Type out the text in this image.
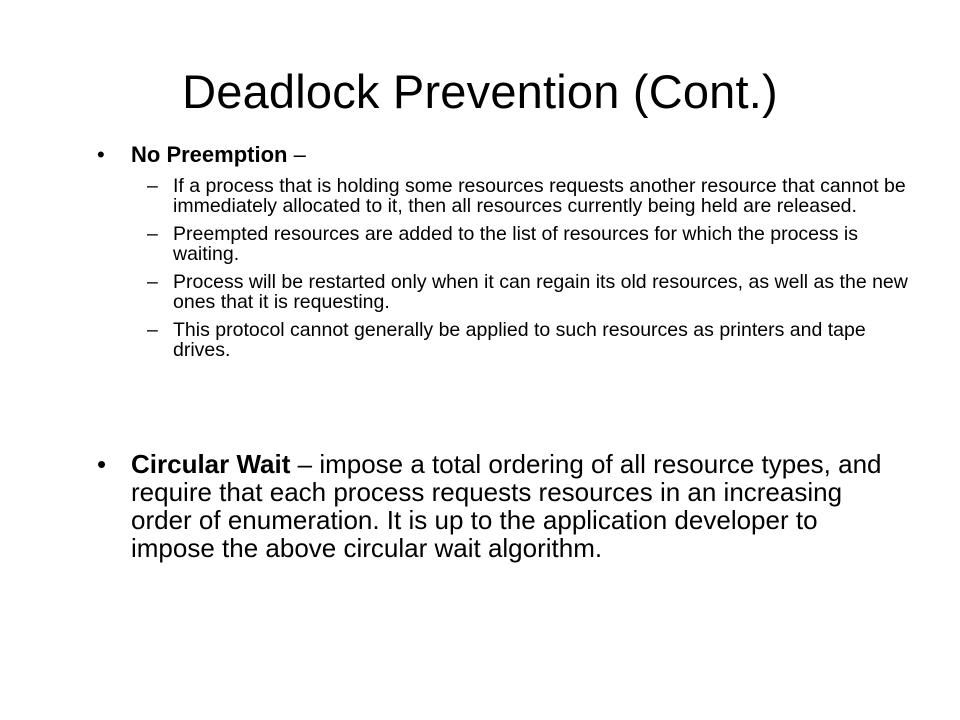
Deadlock Prevention (Cont.)
• No Preemption –
– If a process that is holding some resources requests another resource that cannot be immediately allocated to it, then all resources currently being held are released.
– Preempted resources are added to the list of resources for which the process is waiting.
– Process will be restarted only when it can regain its old resources, as well as the new ones that it is requesting.
– This protocol cannot generally be applied to such resources as printers and tape drives.
• Circular Wait – impose a total ordering of all resource types, and require that each process requests resources in an increasing order of enumeration. It is up to the application developer to impose the above circular wait algorithm.
